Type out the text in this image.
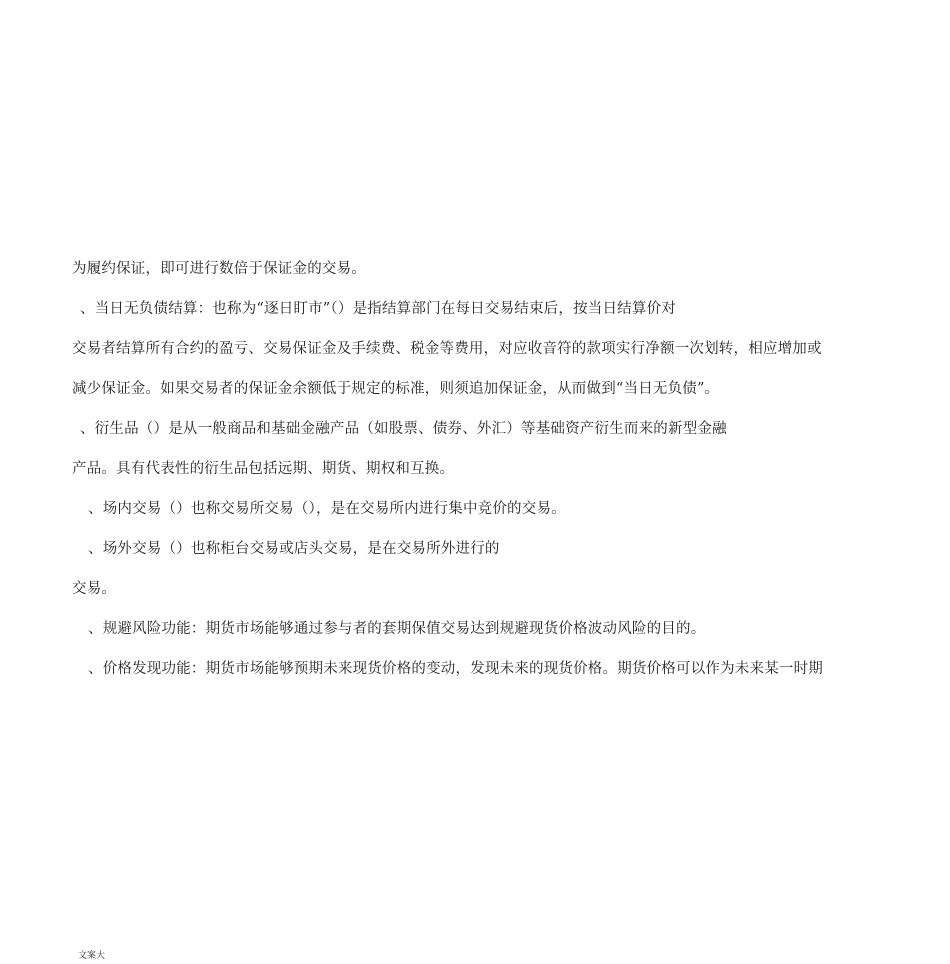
为履约保证，即可进行数倍于保证金的交易。
、当日无负债结算：也称为“逐日盯市”（）是指结算部门在每日交易结束后，按当日结算价对
交易者结算所有合约的盈亏、交易保证金及手续费、税金等费用，对应收音符的款项实行净额一次划转，相应增加或
减少保证金。如果交易者的保证金余额低于规定的标准，则须追加保证金，从而做到“当日无负债”。
、衍生品（）是从一般商品和基础金融产品（如股票、债券、外汇）等基础资产衍生而来的新型金融
产品。具有代表性的衍生品包括远期、期货、期权和互换。
、场内交易（）也称交易所交易（），是在交易所内进行集中竞价的交易。
、场外交易（）也称柜台交易或店头交易，是在交易所外进行的
交易。
、规避风险功能：期货市场能够通过参与者的套期保值交易达到规避现货价格波动风险的目的。
、价格发现功能：期货市场能够预期未来现货价格的变动，发现未来的现货价格。期货价格可以作为未来某一时期
文案大
